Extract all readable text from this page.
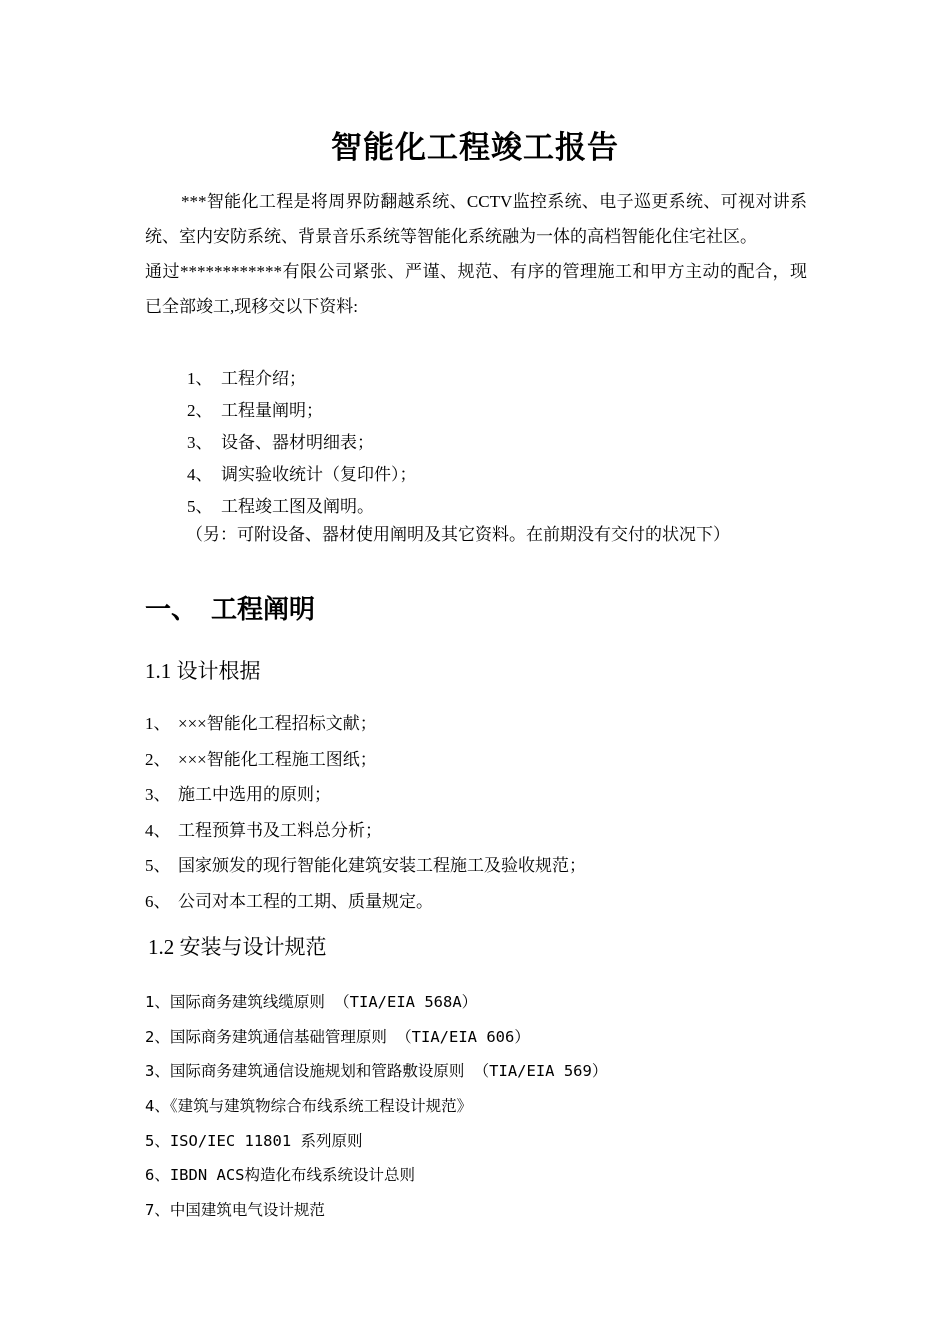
智能化工程竣工报告

***智能化工程是将周界防翻越系统、CCTV监控系统、电子巡更系统、可视对讲系统、室内安防系统、背景音乐系统等智能化系统融为一体的高档智能化住宅社区。

通过************有限公司紧张、严谨、规范、有序的管理施工和甲方主动的配合，现已全部竣工,现移交以下资料:

1、 工程介绍；
2、 工程量阐明；
3、 设备、器材明细表；
4、 调实验收统计（复印件）；
5、 工程竣工图及阐明。
（另：可附设备、器材使用阐明及其它资料。在前期没有交付的状况下）
一、 工程阐明
1.1 设计根据
1、 ×××智能化工程招标文献；
2、 ×××智能化工程施工图纸；
3、 施工中选用的原则；
4、 工程预算书及工料总分析；
5、 国家颁发的现行智能化建筑安装工程施工及验收规范；
6、 公司对本工程的工期、质量规定。
1.2 安装与设计规范
1、国际商务建筑线缆原则 （TIA/EIA 568A）
2、国际商务建筑通信基础管理原则 （TIA/EIA 606）
3、国际商务建筑通信设施规划和管路敷设原则 （TIA/EIA 569）
4、《建筑与建筑物综合布线系统工程设计规范》
5、ISO/IEC 11801 系列原则
6、IBDN ACS构造化布线系统设计总则
7、中国建筑电气设计规范
